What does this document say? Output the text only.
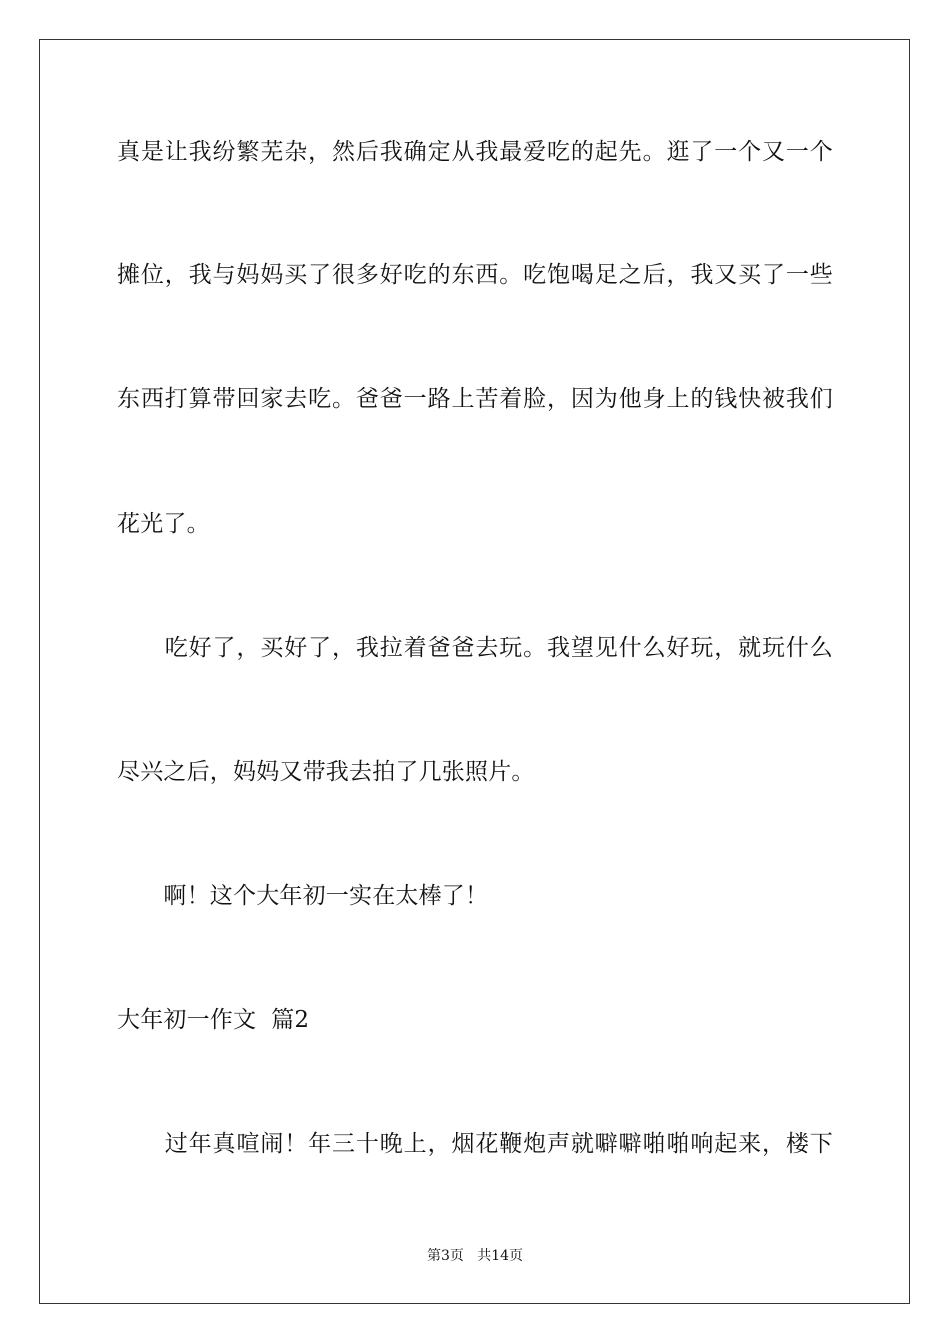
真是让我纷繁芜杂，然后我确定从我最爱吃的起先。逛了一个又一个
摊位，我与妈妈买了很多好吃的东西。吃饱喝足之后，我又买了一些
东西打算带回家去吃。爸爸一路上苦着脸，因为他身上的钱快被我们
花光了。
　　吃好了，买好了，我拉着爸爸去玩。我望见什么好玩，就玩什么
尽兴之后，妈妈又带我去拍了几张照片。
　　啊！这个大年初一实在太棒了！
大年初一作文  篇2
　　过年真喧闹！年三十晚上，烟花鞭炮声就噼噼啪啪响起来，楼下
第3页   共14页
